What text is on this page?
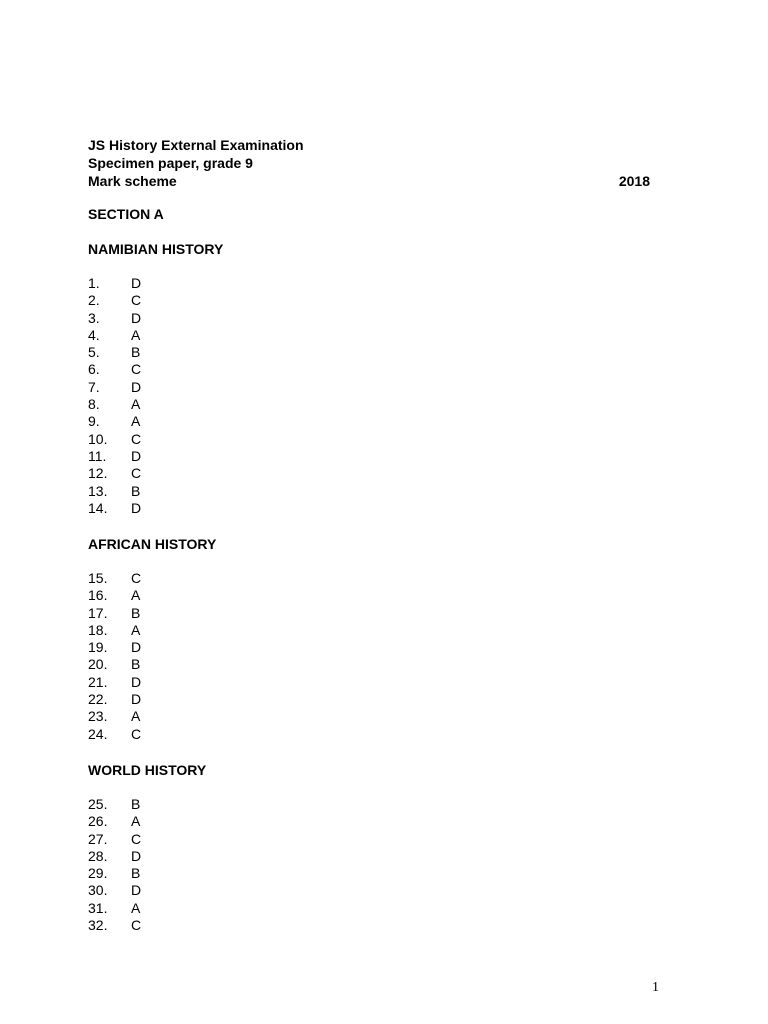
JS History External Examination
Specimen paper, grade 9
Mark scheme	2018
SECTION A
NAMIBIAN HISTORY
1.	D
2.	C
3.	D
4.	A
5.	B
6.	C
7.	D
8.	A
9.	A
10.	C
11.	D
12.	C
13.	B
14.	D
AFRICAN HISTORY
15.	C
16.	A
17.	B
18.	A
19.	D
20.	B
21.	D
22.	D
23.	A
24.	C
WORLD HISTORY
25.	B
26.	A
27.	C
28.	D
29.	B
30.	D
31.	A
32.	C
1
